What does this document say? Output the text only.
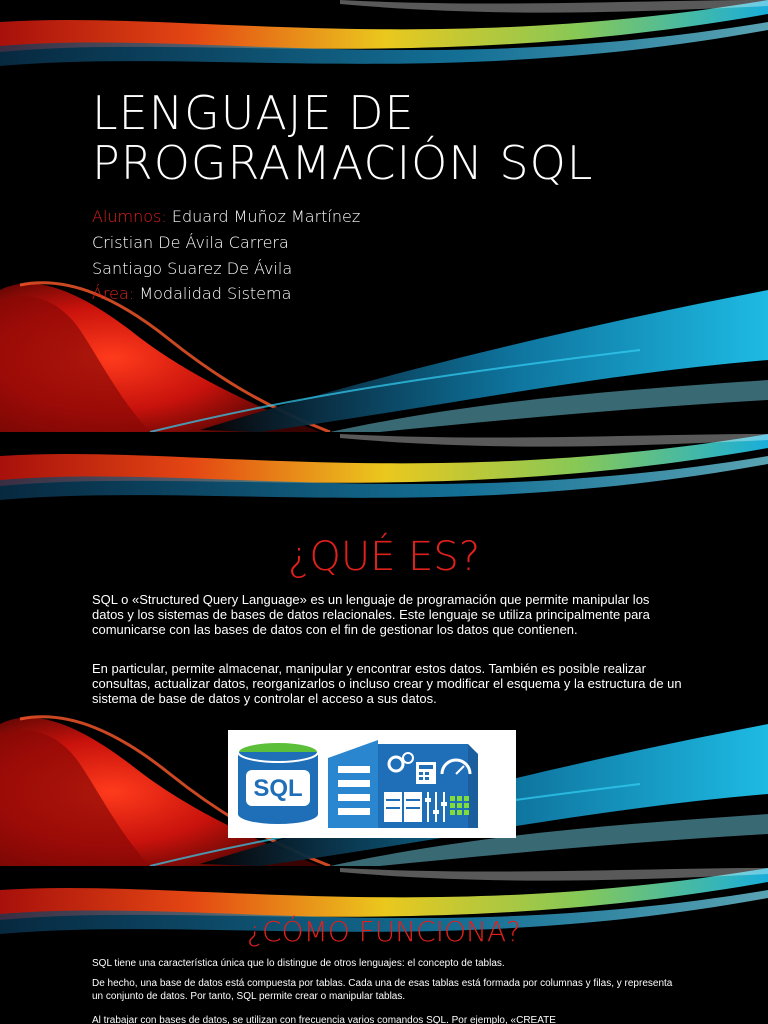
LENGUAJE DE
PROGRAMACIÓN SQL

Alumnos: Eduard Muñoz Martínez

Cristian De Ávila Carrera

Santiago Suarez De Ávila

Área: Modalidad Sistema

¿QUÉ ES?

SQL o «Structured Query Language» es un lenguaje de programación que permite manipular los datos y los sistemas de bases de datos relacionales. Este lenguaje se utiliza principalmente para comunicarse con las bases de datos con el fin de gestionar los datos que contienen.

En particular, permite almacenar, manipular y encontrar estos datos. También es posible realizar consultas, actualizar datos, reorganizarlos o incluso crear y modificar el esquema y la estructura de un sistema de base de datos y controlar el acceso a sus datos.

SQL
¿CÓMO FUNCIONA?

SQL tiene una característica única que lo distingue de otros lenguajes: el concepto de tablas.

De hecho, una base de datos está compuesta por tablas. Cada una de esas tablas está formada por columnas y filas, y representa un conjunto de datos. Por tanto, SQL permite crear o manipular tablas.

Al trabajar con bases de datos, se utilizan con frecuencia varios comandos SQL. Por ejemplo, «CREATE
